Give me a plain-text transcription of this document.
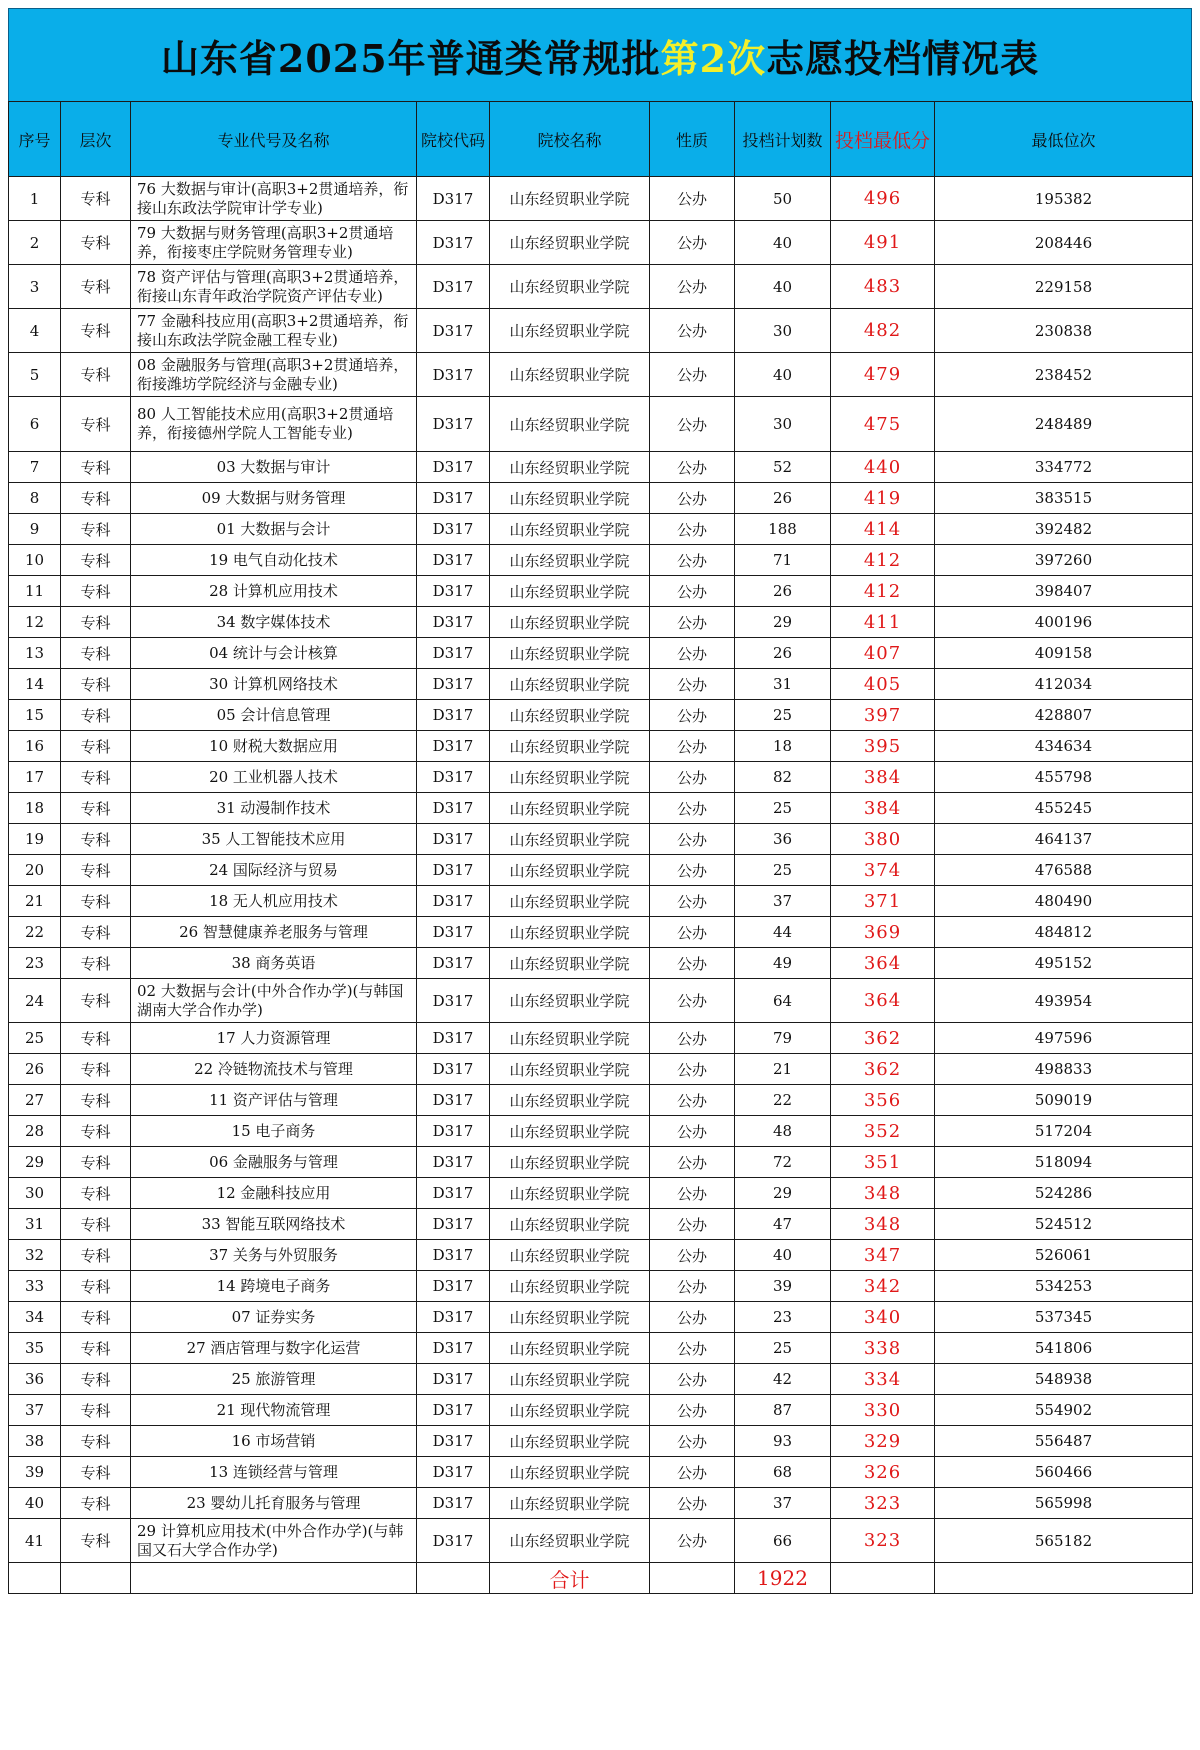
山东省2025年普通类常规批 第2次 志愿投档情况表
序号	层次	专业代号及名称	院校代码	院校名称	性质	投档计划数	投档最低分	最低位次
1	专科	76 大数据与审计(高职3+2贯通培养，衔接山东政法学院审计学专业)	D317	山东经贸职业学院	公办	50	496	195382
2	专科	79 大数据与财务管理(高职3+2贯通培养，衔接枣庄学院财务管理专业)	D317	山东经贸职业学院	公办	40	491	208446
3	专科	78 资产评估与管理(高职3+2贯通培养，衔接山东青年政治学院资产评估专业)	D317	山东经贸职业学院	公办	40	483	229158
4	专科	77 金融科技应用(高职3+2贯通培养，衔接山东政法学院金融工程专业)	D317	山东经贸职业学院	公办	30	482	230838
5	专科	08 金融服务与管理(高职3+2贯通培养，衔接潍坊学院经济与金融专业)	D317	山东经贸职业学院	公办	40	479	238452
6	专科	80 人工智能技术应用(高职3+2贯通培养，衔接德州学院人工智能专业)	D317	山东经贸职业学院	公办	30	475	248489
7	专科	03 大数据与审计	D317	山东经贸职业学院	公办	52	440	334772
8	专科	09 大数据与财务管理	D317	山东经贸职业学院	公办	26	419	383515
9	专科	01 大数据与会计	D317	山东经贸职业学院	公办	188	414	392482
10	专科	19 电气自动化技术	D317	山东经贸职业学院	公办	71	412	397260
11	专科	28 计算机应用技术	D317	山东经贸职业学院	公办	26	412	398407
12	专科	34 数字媒体技术	D317	山东经贸职业学院	公办	29	411	400196
13	专科	04 统计与会计核算	D317	山东经贸职业学院	公办	26	407	409158
14	专科	30 计算机网络技术	D317	山东经贸职业学院	公办	31	405	412034
15	专科	05 会计信息管理	D317	山东经贸职业学院	公办	25	397	428807
16	专科	10 财税大数据应用	D317	山东经贸职业学院	公办	18	395	434634
17	专科	20 工业机器人技术	D317	山东经贸职业学院	公办	82	384	455798
18	专科	31 动漫制作技术	D317	山东经贸职业学院	公办	25	384	455245
19	专科	35 人工智能技术应用	D317	山东经贸职业学院	公办	36	380	464137
20	专科	24 国际经济与贸易	D317	山东经贸职业学院	公办	25	374	476588
21	专科	18 无人机应用技术	D317	山东经贸职业学院	公办	37	371	480490
22	专科	26 智慧健康养老服务与管理	D317	山东经贸职业学院	公办	44	369	484812
23	专科	38 商务英语	D317	山东经贸职业学院	公办	49	364	495152
24	专科	02 大数据与会计(中外合作办学)(与韩国湖南大学合作办学)	D317	山东经贸职业学院	公办	64	364	493954
25	专科	17 人力资源管理	D317	山东经贸职业学院	公办	79	362	497596
26	专科	22 冷链物流技术与管理	D317	山东经贸职业学院	公办	21	362	498833
27	专科	11 资产评估与管理	D317	山东经贸职业学院	公办	22	356	509019
28	专科	15 电子商务	D317	山东经贸职业学院	公办	48	352	517204
29	专科	06 金融服务与管理	D317	山东经贸职业学院	公办	72	351	518094
30	专科	12 金融科技应用	D317	山东经贸职业学院	公办	29	348	524286
31	专科	33 智能互联网络技术	D317	山东经贸职业学院	公办	47	348	524512
32	专科	37 关务与外贸服务	D317	山东经贸职业学院	公办	40	347	526061
33	专科	14 跨境电子商务	D317	山东经贸职业学院	公办	39	342	534253
34	专科	07 证券实务	D317	山东经贸职业学院	公办	23	340	537345
35	专科	27 酒店管理与数字化运营	D317	山东经贸职业学院	公办	25	338	541806
36	专科	25 旅游管理	D317	山东经贸职业学院	公办	42	334	548938
37	专科	21 现代物流管理	D317	山东经贸职业学院	公办	87	330	554902
38	专科	16 市场营销	D317	山东经贸职业学院	公办	93	329	556487
39	专科	13 连锁经营与管理	D317	山东经贸职业学院	公办	68	326	560466
40	专科	23 婴幼儿托育服务与管理	D317	山东经贸职业学院	公办	37	323	565998
41	专科	29 计算机应用技术(中外合作办学)(与韩国又石大学合作办学)	D317	山东经贸职业学院	公办	66	323	565182
				合计		1922		
